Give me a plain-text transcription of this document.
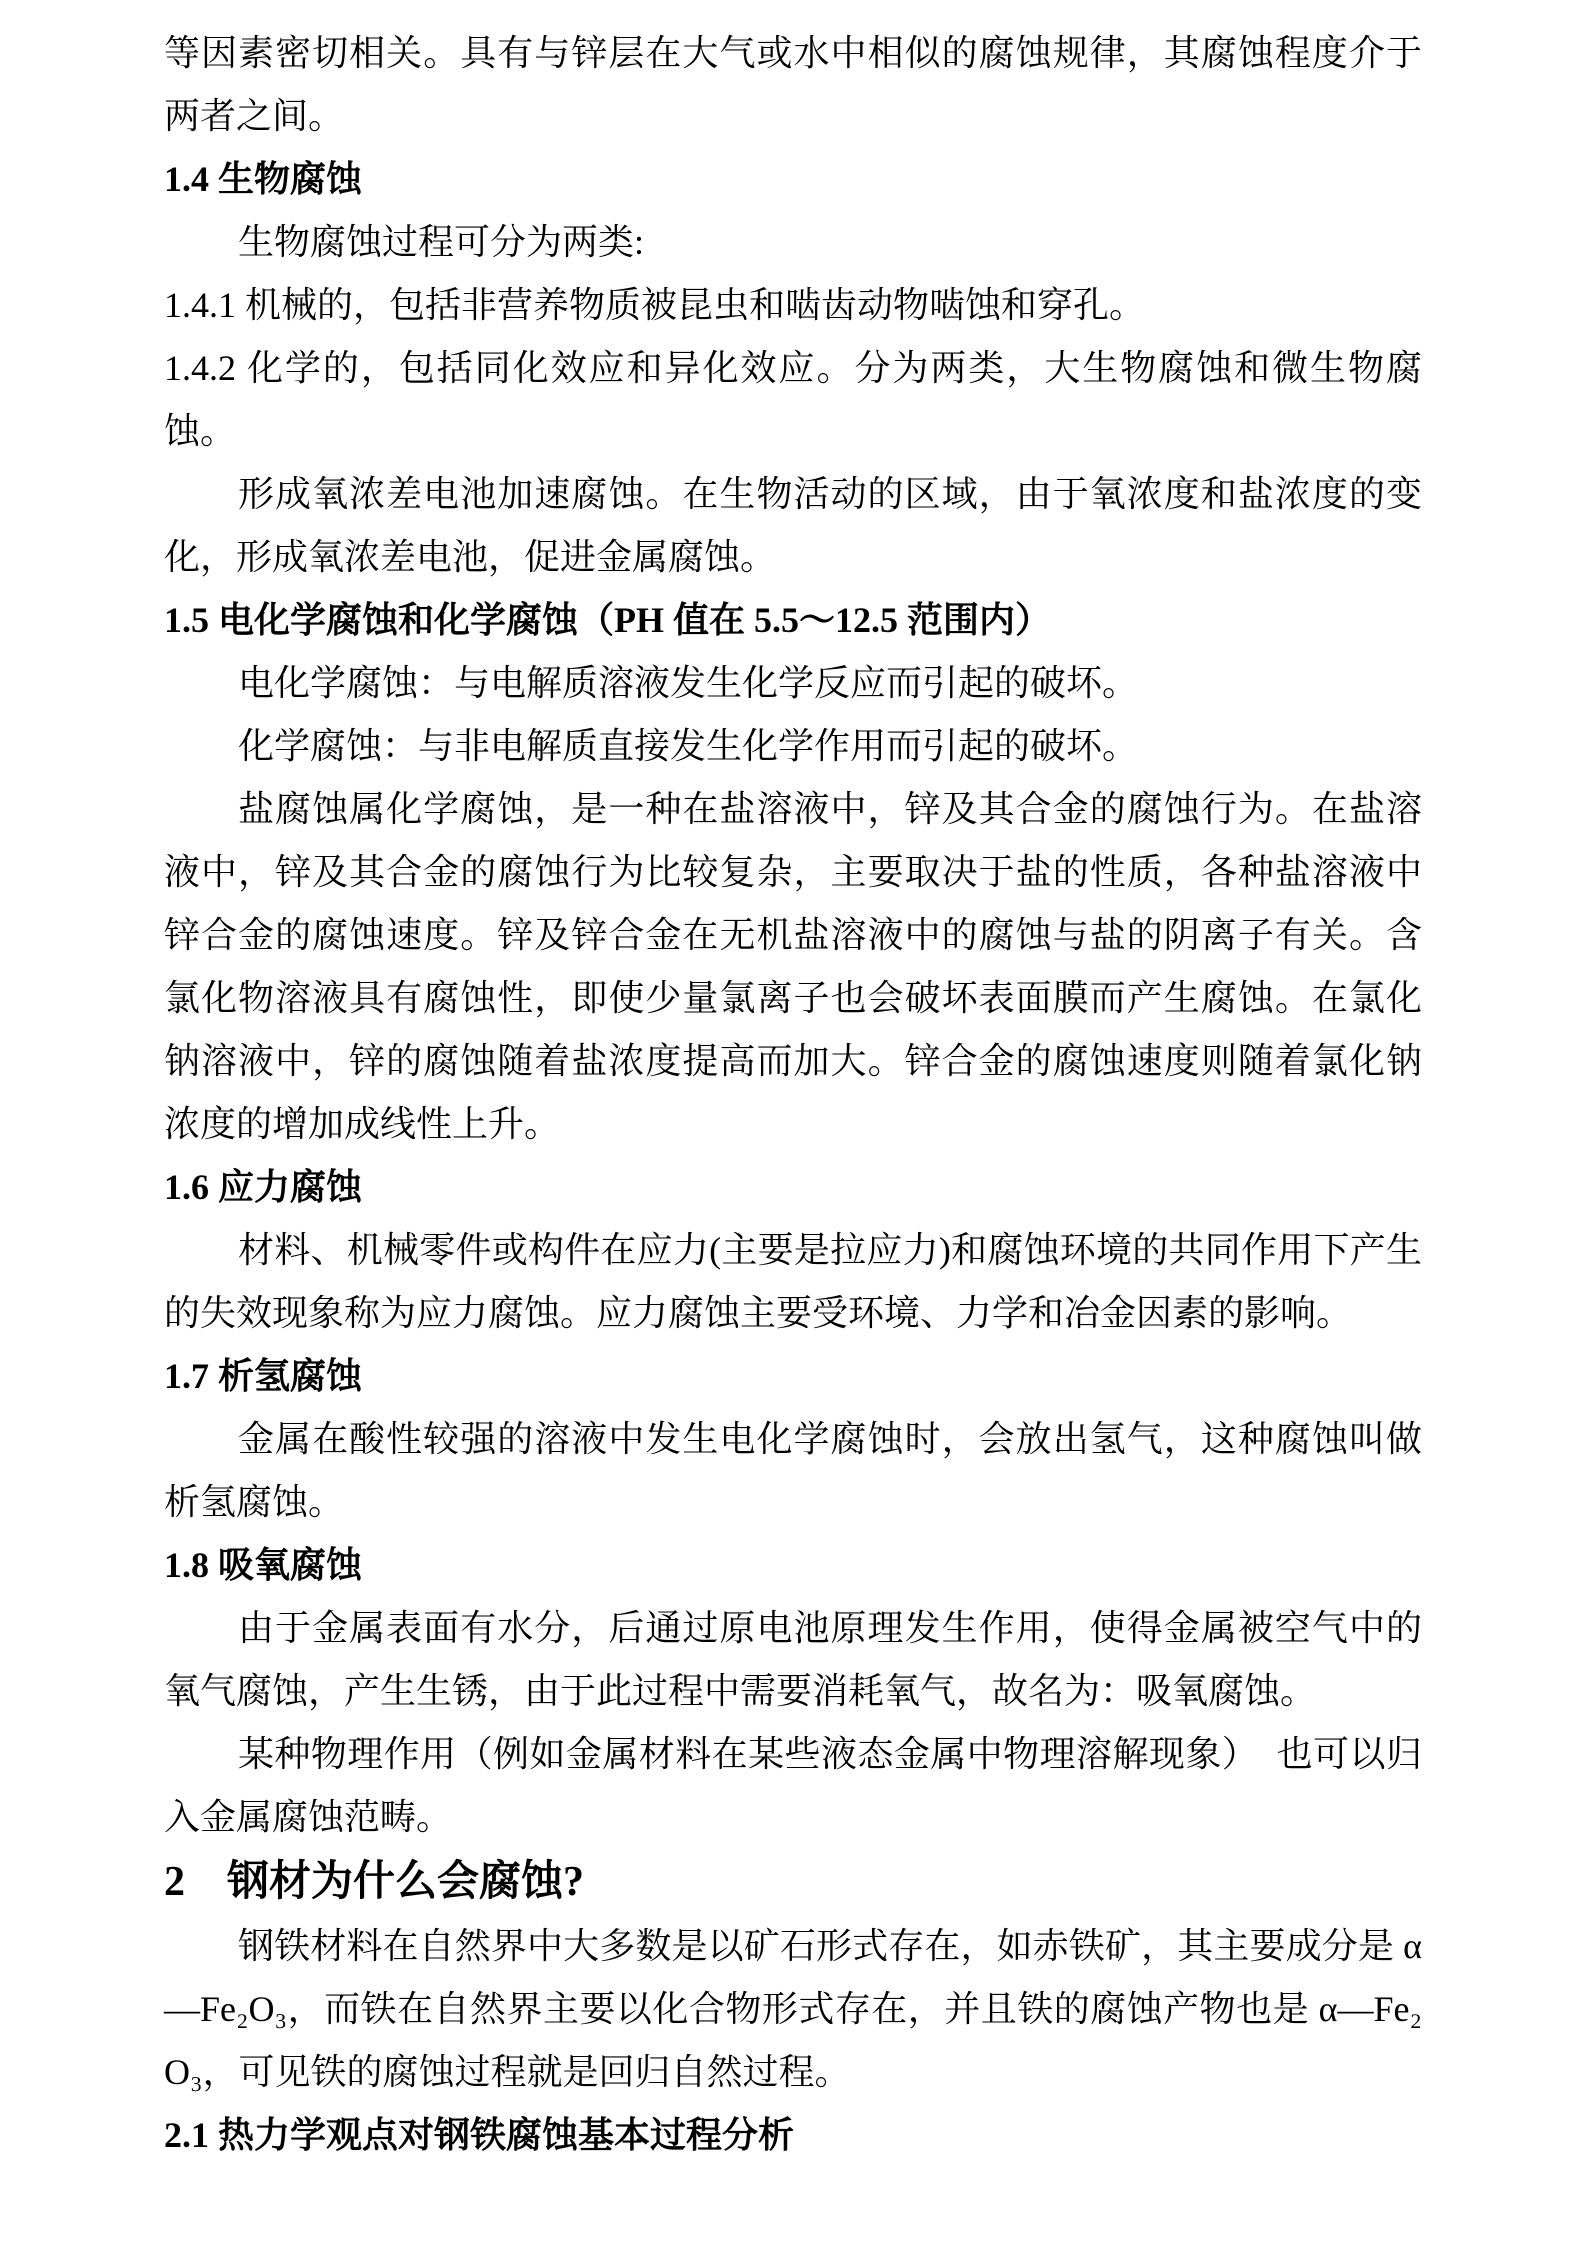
等因素密切相关。具有与锌层在大气或水中相似的腐蚀规律，其腐蚀程度介于两者之间。
1.4 生物腐蚀
生物腐蚀过程可分为两类:
1.4.1 机械的，包括非营养物质被昆虫和啮齿动物啮蚀和穿孔。
1.4.2 化学的，包括同化效应和异化效应。分为两类，大生物腐蚀和微生物腐蚀。
形成氧浓差电池加速腐蚀。在生物活动的区域，由于氧浓度和盐浓度的变化，形成氧浓差电池，促进金属腐蚀。
1.5 电化学腐蚀和化学腐蚀（PH 值在 5.5～12.5 范围内）
电化学腐蚀：与电解质溶液发生化学反应而引起的破坏。
化学腐蚀：与非电解质直接发生化学作用而引起的破坏。
盐腐蚀属化学腐蚀，是一种在盐溶液中，锌及其合金的腐蚀行为。在盐溶液中，锌及其合金的腐蚀行为比较复杂，主要取决于盐的性质，各种盐溶液中锌合金的腐蚀速度。锌及锌合金在无机盐溶液中的腐蚀与盐的阴离子有关。含氯化物溶液具有腐蚀性，即使少量氯离子也会破坏表面膜而产生腐蚀。在氯化钠溶液中，锌的腐蚀随着盐浓度提高而加大。锌合金的腐蚀速度则随着氯化钠浓度的增加成线性上升。
1.6 应力腐蚀
材料、机械零件或构件在应力(主要是拉应力)和腐蚀环境的共同作用下产生的失效现象称为应力腐蚀。应力腐蚀主要受环境、力学和冶金因素的影响。
1.7 析氢腐蚀
金属在酸性较强的溶液中发生电化学腐蚀时，会放出氢气，这种腐蚀叫做析氢腐蚀。
1.8 吸氧腐蚀
由于金属表面有水分，后通过原电池原理发生作用，使得金属被空气中的氧气腐蚀，产生生锈，由于此过程中需要消耗氧气，故名为：吸氧腐蚀。
某种物理作用（例如金属材料在某些液态金属中物理溶解现象）　也可以归入金属腐蚀范畴。
2　钢材为什么会腐蚀?
钢铁材料在自然界中大多数是以矿石形式存在，如赤铁矿，其主要成分是 α—Fe₂O₃，而铁在自然界主要以化合物形式存在，并且铁的腐蚀产物也是 α—Fe₂O₃，可见铁的腐蚀过程就是回归自然过程。
2.1 热力学观点对钢铁腐蚀基本过程分析
